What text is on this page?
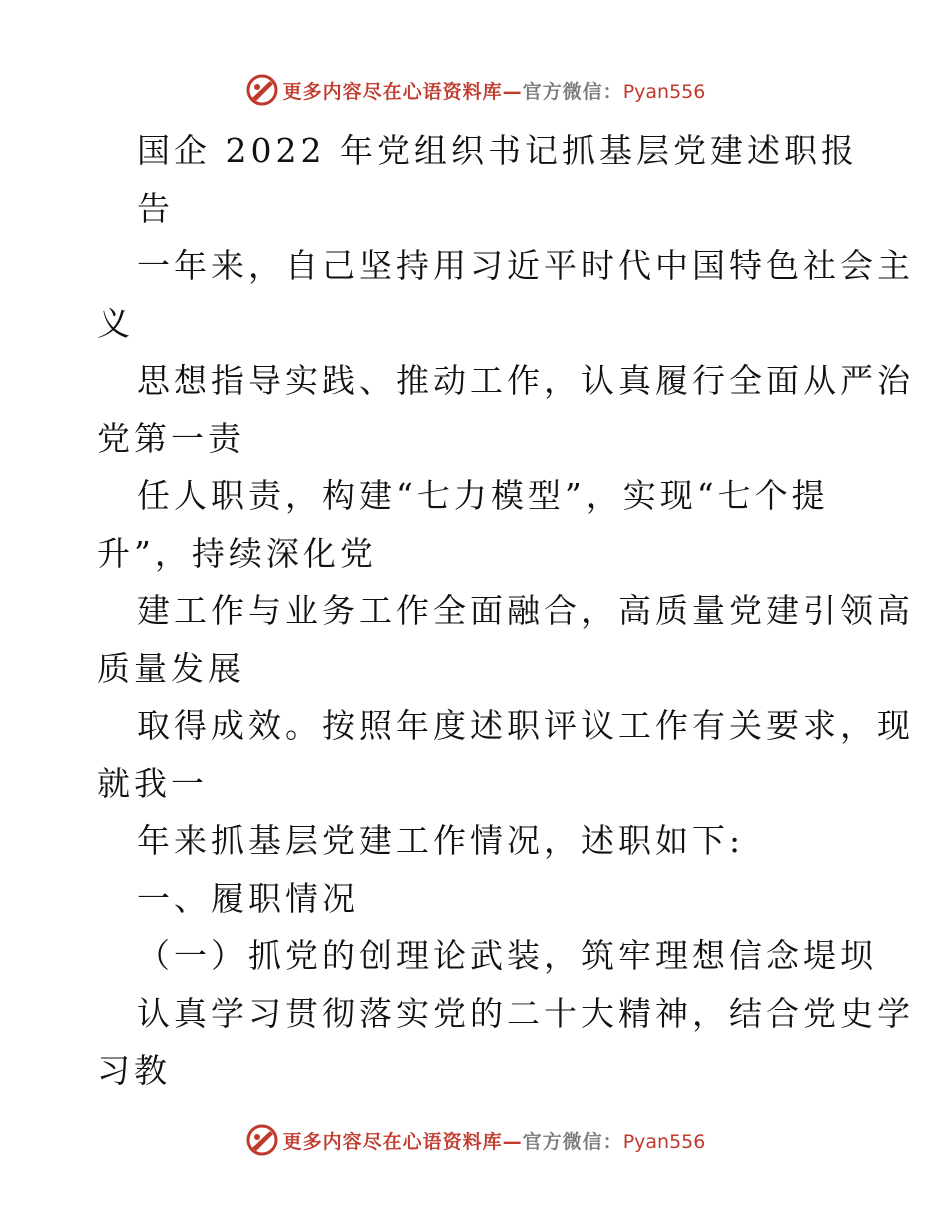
更多内容尽在心语资料库—官方微信：Pyan556
国企 2022 年党组织书记抓基层党建述职报
告
一年来，自己坚持用习近平时代中国特色社会主
义
思想指导实践、推动工作，认真履行全面从严治
党第一责
任人职责，构建“七力模型”，实现“七个提
升”，持续深化党
建工作与业务工作全面融合，高质量党建引领高
质量发展
取得成效。按照年度述职评议工作有关要求，现
就我一
年来抓基层党建工作情况，述职如下:
一、履职情况
（一）抓党的创理论武装，筑牢理想信念堤坝
认真学习贯彻落实党的二十大精神，结合党史学
习教
更多内容尽在心语资料库—官方微信：Pyan556
